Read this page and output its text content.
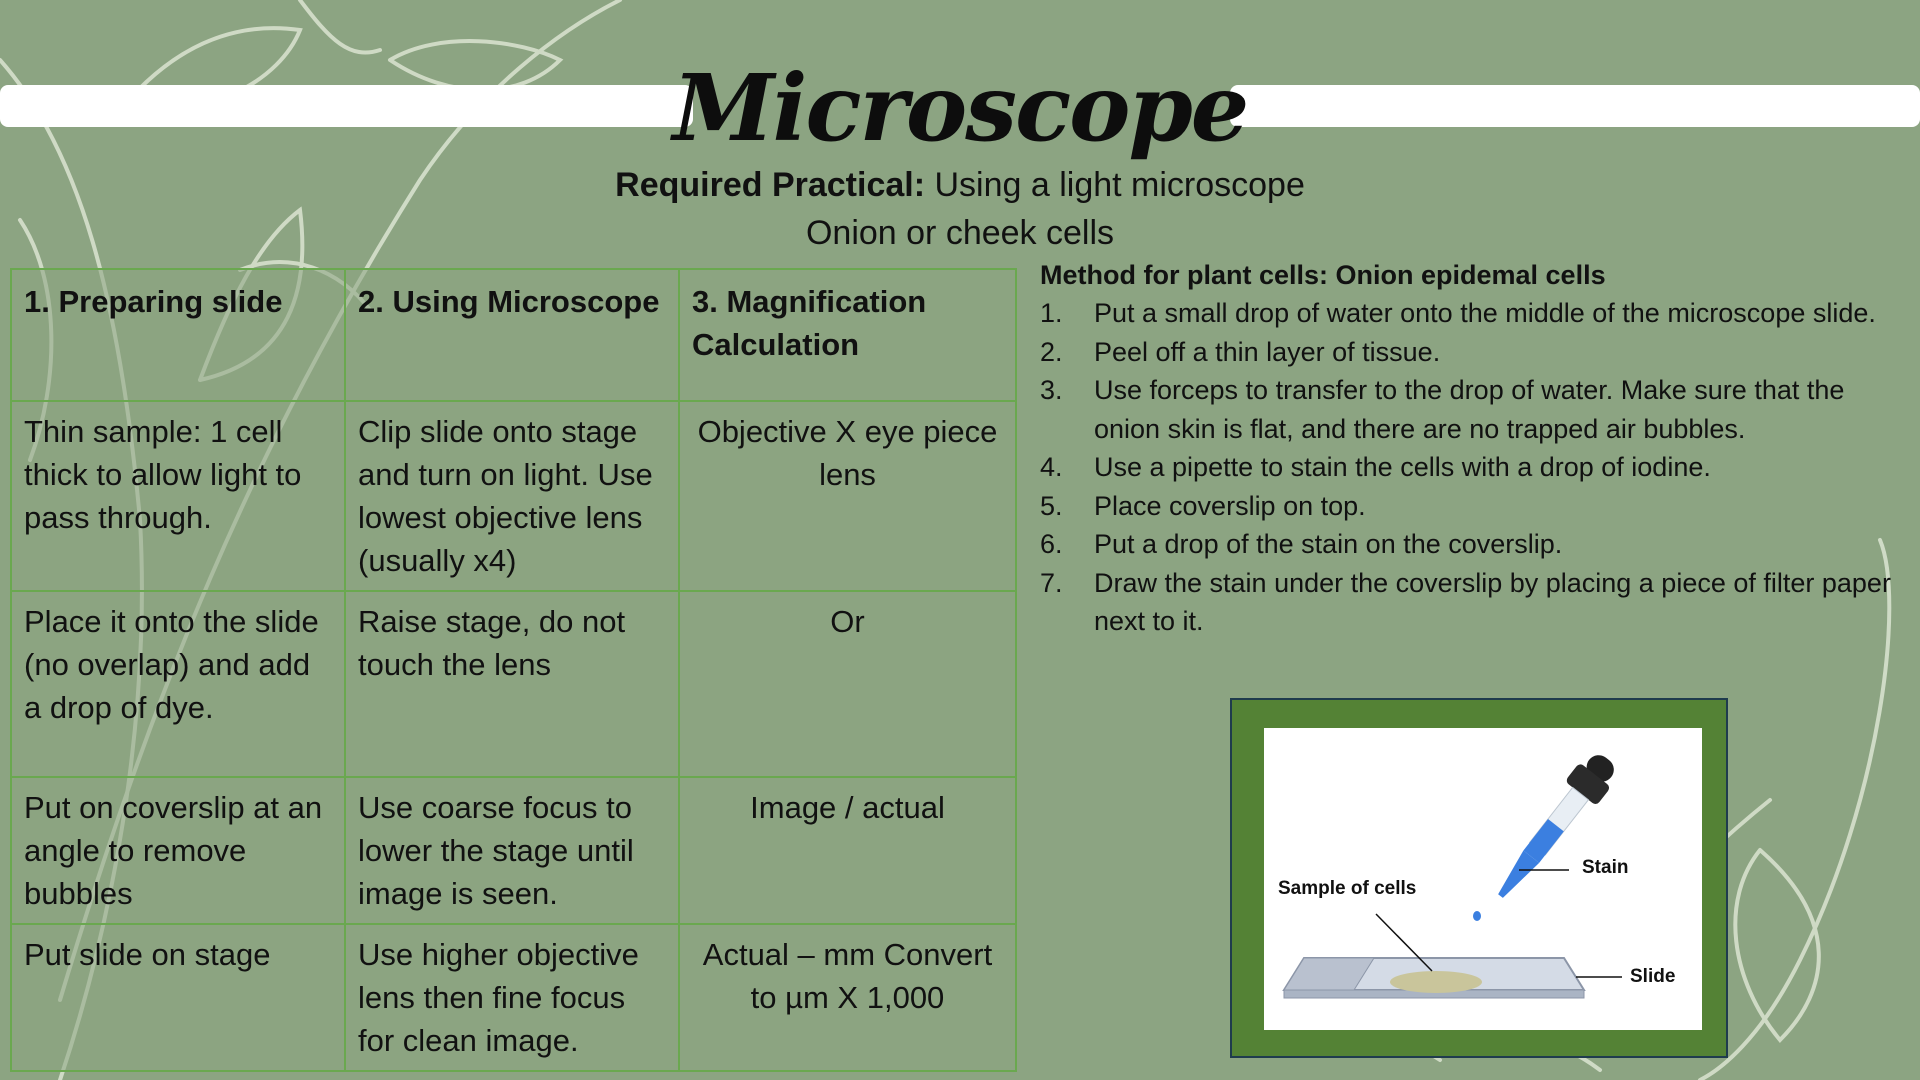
Microscope
Required Practical: Using a light microscope
Onion or cheek cells
1. Preparing slide	2. Using Microscope	3. Magnification Calculation
Thin sample: 1 cell thick to allow light to pass through.	Clip slide onto stage and turn on light. Use lowest objective lens (usually x4)	Objective X eye piece lens
Place it onto the slide (no overlap) and add a drop of dye.	Raise stage, do not touch the lens	Or
Put on coverslip at an angle to remove bubbles	Use coarse focus to lower the stage until image is seen.	Image / actual
Put slide on stage	Use higher objective lens then fine focus for clean image.	Actual – mm Convert to µm X 1,000
Method for plant cells: Onion epidemal cells
1.	Put a small drop of water onto the middle of the microscope slide.
2.	Peel off a thin layer of tissue.
3.	Use forceps to transfer to the drop of water. Make sure that the onion skin is flat, and there are no trapped air bubbles.
4.	Use a pipette to stain the cells with a drop of iodine.
5.	Place coverslip on top.
6.	Put a drop of the stain on the coverslip.
7.	Draw the stain under the coverslip by placing a piece of filter paper next to it.
Stain
Sample of cells
Slide
